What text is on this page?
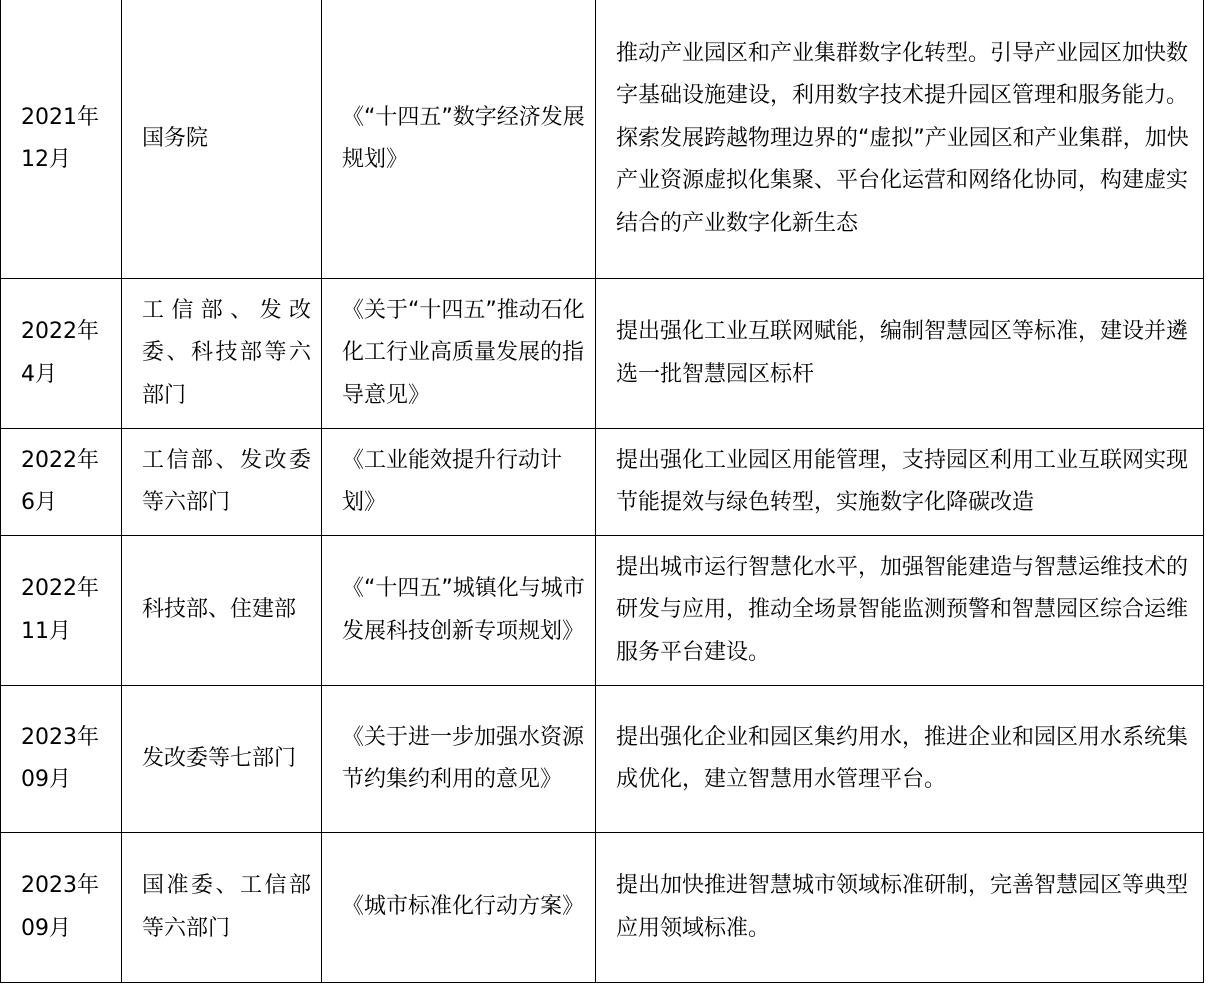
2021年12月	国务院	《“十四五”数字经济发展规划》	推动产业园区和产业集群数字化转型。引导产业园区加快数字基础设施建设，利用数字技术提升园区管理和服务能力。探索发展跨越物理边界的“虚拟”产业园区和产业集群，加快产业资源虚拟化集聚、平台化运营和网络化协同，构建虚实结合的产业数字化新生态
2022年4月	工信部、发改委、科技部等六部门	《关于“十四五”推动石化化工行业高质量发展的指导意见》	提出强化工业互联网赋能，编制智慧园区等标准，建设并遴选一批智慧园区标杆
2022年6月	工信部、发改委等六部门	《工业能效提升行动计划》	提出强化工业园区用能管理，支持园区利用工业互联网实现节能提效与绿色转型，实施数字化降碳改造
2022年11月	科技部、住建部	《“十四五”城镇化与城市发展科技创新专项规划》	提出城市运行智慧化水平，加强智能建造与智慧运维技术的研发与应用，推动全场景智能监测预警和智慧园区综合运维服务平台建设。
2023年09月	发改委等七部门	《关于进一步加强水资源节约集约利用的意见》	提出强化企业和园区集约用水，推进企业和园区用水系统集成优化，建立智慧用水管理平台。
2023年09月	国准委、工信部等六部门	《城市标准化行动方案》	提出加快推进智慧城市领域标准研制，完善智慧园区等典型应用领域标准。
